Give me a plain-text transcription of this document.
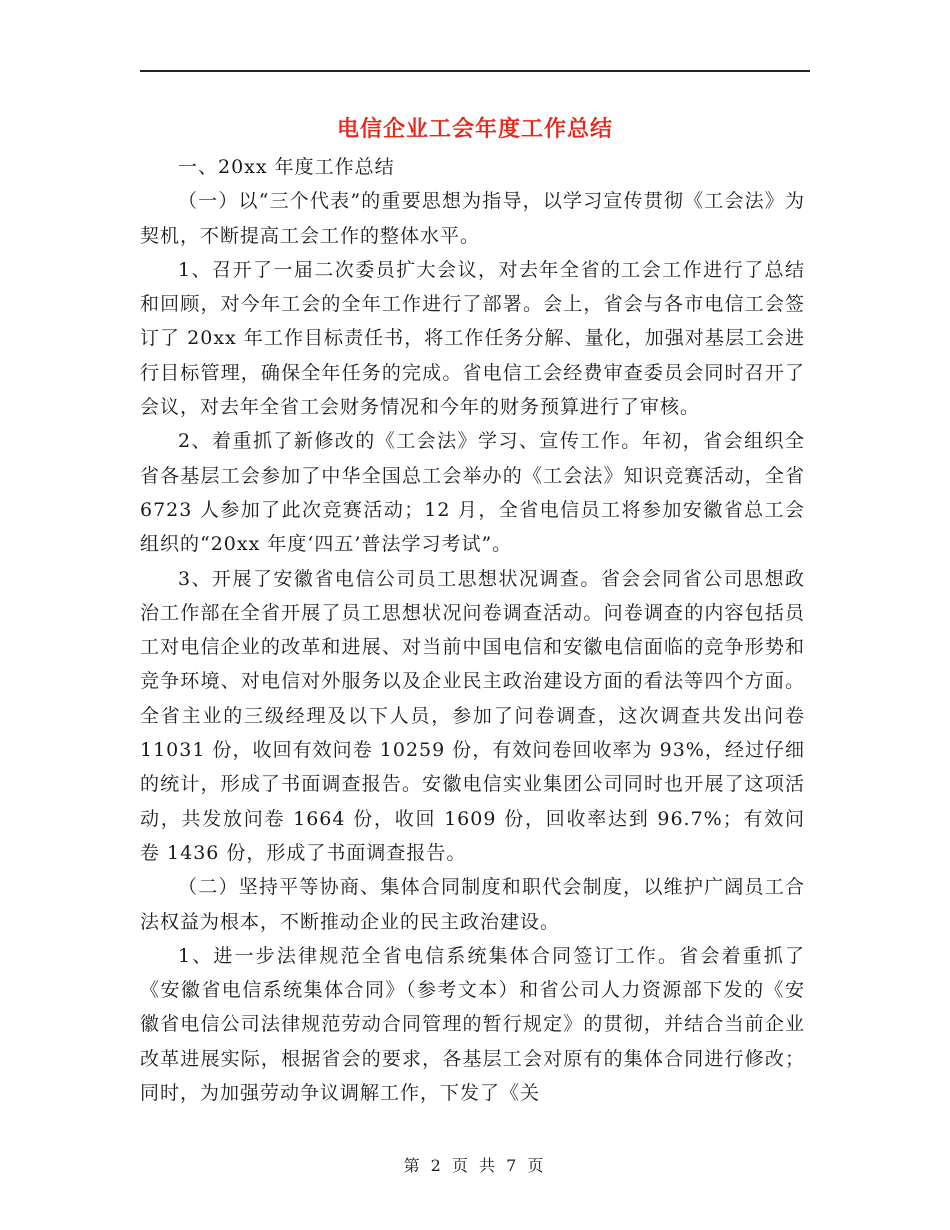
电信企业工会年度工作总结

一、20xx 年度工作总结

（一）以“三个代表”的重要思想为指导，以学习宣传贯彻《工会法》为契机，不断提高工会工作的整体水平。

1、召开了一届二次委员扩大会议，对去年全省的工会工作进行了总结和回顾，对今年工会的全年工作进行了部署。会上，省会与各市电信工会签订了 20xx 年工作目标责任书，将工作任务分解、量化，加强对基层工会进行目标管理，确保全年任务的完成。省电信工会经费审查委员会同时召开了会议，对去年全省工会财务情况和今年的财务预算进行了审核。

2、着重抓了新修改的《工会法》学习、宣传工作。年初，省会组织全省各基层工会参加了中华全国总工会举办的《工会法》知识竞赛活动，全省 6723 人参加了此次竞赛活动；12 月，全省电信员工将参加安徽省总工会组织的“20xx 年度‘四五’普法学习考试”。

3、开展了安徽省电信公司员工思想状况调查。省会会同省公司思想政治工作部在全省开展了员工思想状况问卷调查活动。问卷调查的内容包括员工对电信企业的改革和进展、对当前中国电信和安徽电信面临的竞争形势和竞争环境、对电信对外服务以及企业民主政治建设方面的看法等四个方面。全省主业的三级经理及以下人员，参加了问卷调查，这次调查共发出问卷 11031 份，收回有效问卷 10259 份，有效问卷回收率为 93%，经过仔细的统计，形成了书面调查报告。安徽电信实业集团公司同时也开展了这项活动，共发放问卷 1664 份，收回 1609 份，回收率达到 96.7%；有效问卷 1436 份，形成了书面调查报告。

（二）坚持平等协商、集体合同制度和职代会制度，以维护广阔员工合法权益为根本，不断推动企业的民主政治建设。

1、进一步法律规范全省电信系统集体合同签订工作。省会着重抓了《安徽省电信系统集体合同》（参考文本）和省公司人力资源部下发的《安徽省电信公司法律规范劳动合同管理的暂行规定》的贯彻，并结合当前企业改革进展实际，根据省会的要求，各基层工会对原有的集体合同进行修改；同时，为加强劳动争议调解工作，下发了《关

第 2 页 共 7 页
